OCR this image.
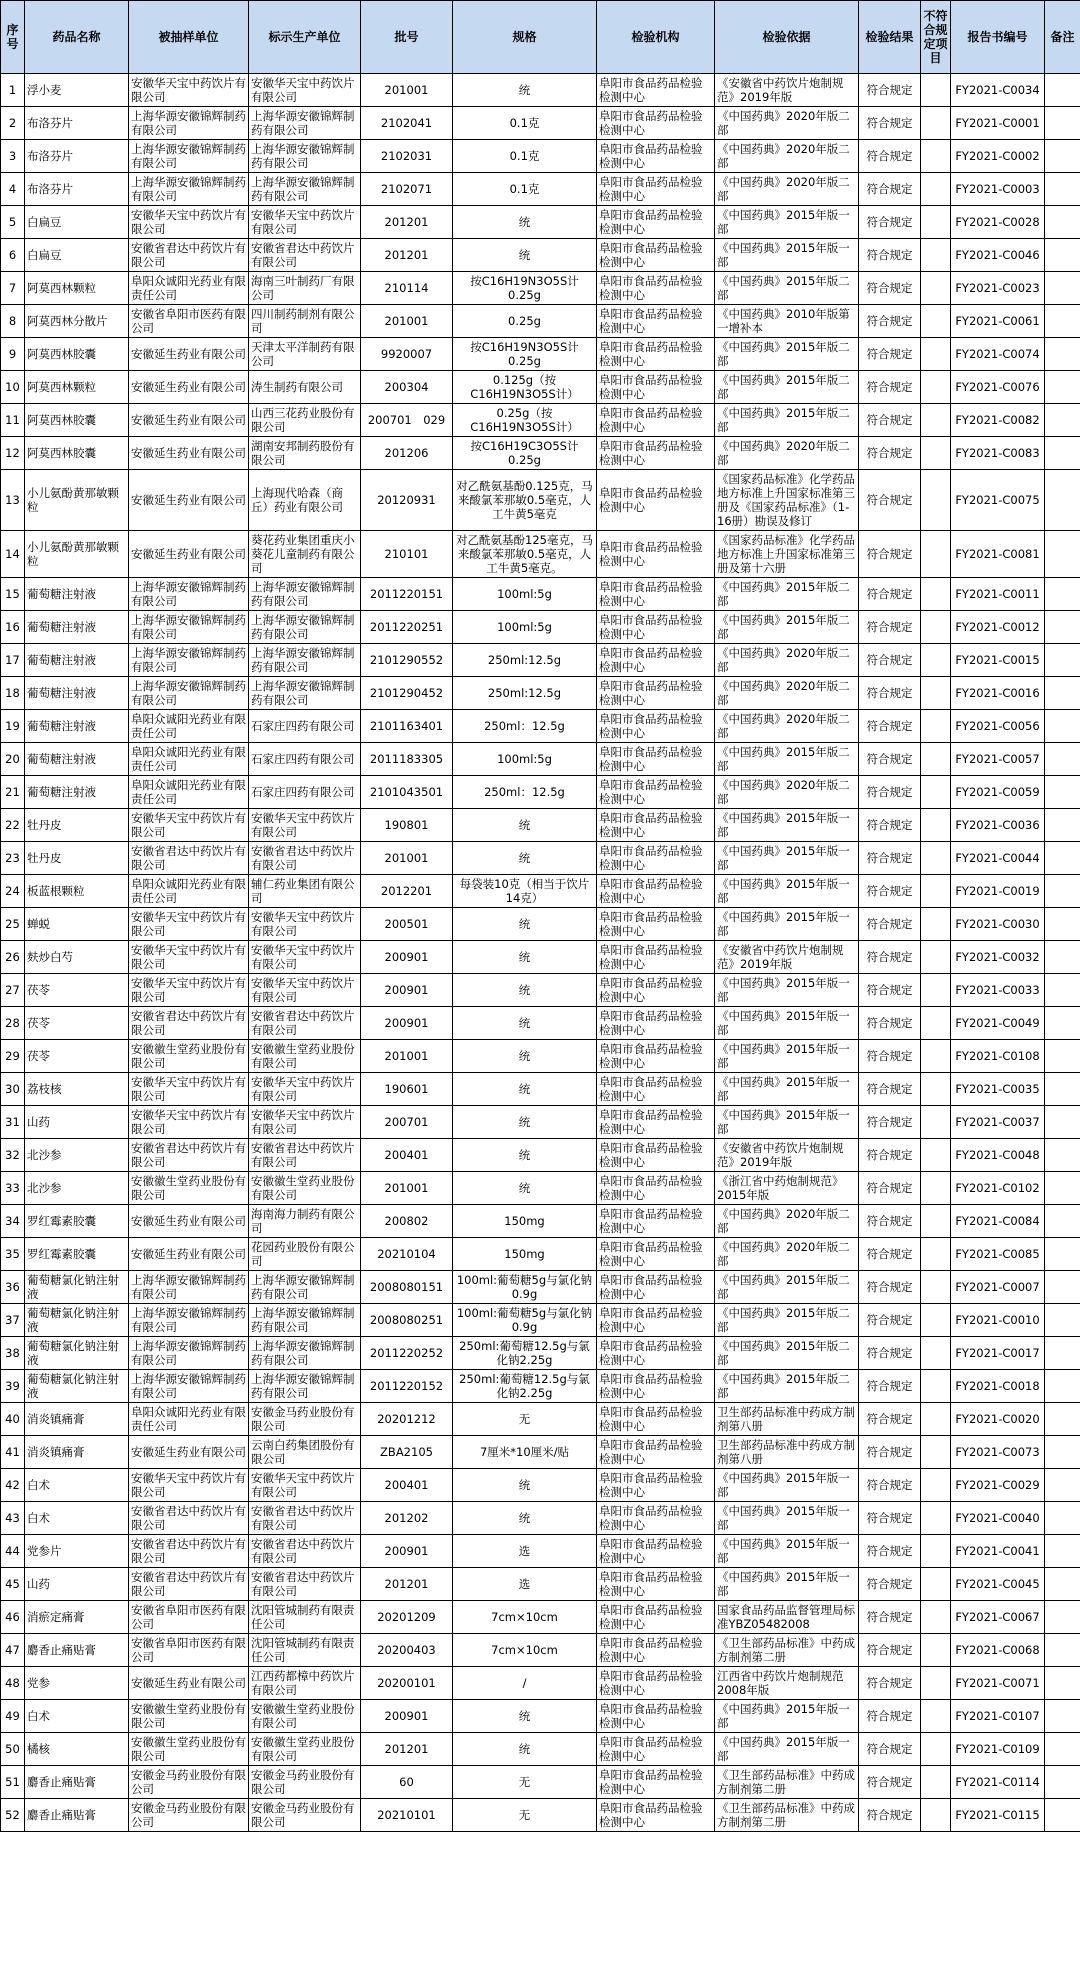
序号	药品名称	被抽样单位	标示生产单位	批号	规格	检验机构	检验依据	检验结果	不符合规定项目	报告书编号	备注
1	浮小麦	安徽华天宝中药饮片有限公司	安徽华天宝中药饮片有限公司	201001	统	阜阳市食品药品检验检测中心	《安徽省中药饮片炮制规范》2019年版	符合规定		FY2021-C0034	
2	布洛芬片	上海华源安徽锦辉制药有限公司	上海华源安徽锦辉制药有限公司	2102041	0.1克	阜阳市食品药品检验检测中心	《中国药典》2020年版二部	符合规定		FY2021-C0001	
3	布洛芬片	上海华源安徽锦辉制药有限公司	上海华源安徽锦辉制药有限公司	2102031	0.1克	阜阳市食品药品检验检测中心	《中国药典》2020年版二部	符合规定		FY2021-C0002	
4	布洛芬片	上海华源安徽锦辉制药有限公司	上海华源安徽锦辉制药有限公司	2102071	0.1克	阜阳市食品药品检验检测中心	《中国药典》2020年版二部	符合规定		FY2021-C0003	
5	白扁豆	安徽华天宝中药饮片有限公司	安徽华天宝中药饮片有限公司	201201	统	阜阳市食品药品检验检测中心	《中国药典》2015年版一部	符合规定		FY2021-C0028	
6	白扁豆	安徽省君达中药饮片有限公司	安徽省君达中药饮片有限公司	201201	统	阜阳市食品药品检验检测中心	《中国药典》2015年版一部	符合规定		FY2021-C0046	
7	阿莫西林颗粒	阜阳众诚阳光药业有限责任公司	海南三叶制药厂有限公司	210114	按C16H19N3O5S计0.25g	阜阳市食品药品检验检测中心	《中国药典》2015年版二部	符合规定		FY2021-C0023	
8	阿莫西林分散片	安徽省阜阳市医药有限公司	四川制药制剂有限公司	201001	0.25g	阜阳市食品药品检验检测中心	《中国药典》2010年版第一增补本	符合规定		FY2021-C0061	
9	阿莫西林胶囊	安徽延生药业有限公司	天津太平洋制药有限公司	9920007	按C16H19N3O5S计0.25g	阜阳市食品药品检验检测中心	《中国药典》2015年版二部	符合规定		FY2021-C0074	
10	阿莫西林颗粒	安徽延生药业有限公司	涛生制药有限公司	200304	0.125g（按C16H19N3O5S计）	阜阳市食品药品检验检测中心	《中国药典》2015年版二部	符合规定		FY2021-C0076	
11	阿莫西林胶囊	安徽延生药业有限公司	山西三花药业股份有限公司	200701　029	0.25g（按C16H19N3O5S计）	阜阳市食品药品检验检测中心	《中国药典》2015年版二部	符合规定		FY2021-C0082	
12	阿莫西林胶囊	安徽延生药业有限公司	湖南安邦制药股份有限公司	201206	按C16H19C3O5S计0.25g	阜阳市食品药品检验检测中心	《中国药典》2020年版二部	符合规定		FY2021-C0083	
13	小儿氨酚黄那敏颗粒	安徽延生药业有限公司	上海现代哈森（商丘）药业有限公司	20120931	对乙酰氨基酚0.125克，马来酸氯苯那敏0.5毫克，人工牛黄5毫克	阜阳市食品药品检验检测中心	《国家药品标准》化学药品地方标准上升国家标准第三册及《国家药品标准》（1-16册）勘误及修订	符合规定		FY2021-C0075	
14	小儿氨酚黄那敏颗粒	安徽延生药业有限公司	葵花药业集团重庆小葵花儿童制药有限公司	210101	对乙酰氨基酚125毫克，马来酸氯苯那敏0.5毫克，人工牛黄5毫克。	阜阳市食品药品检验检测中心	《国家药品标准》化学药品地方标准上升国家标准第三册及第十六册	符合规定		FY2021-C0081	
15	葡萄糖注射液	上海华源安徽锦辉制药有限公司	上海华源安徽锦辉制药有限公司	2011220151	100ml:5g	阜阳市食品药品检验检测中心	《中国药典》2015年版二部	符合规定		FY2021-C0011	
16	葡萄糖注射液	上海华源安徽锦辉制药有限公司	上海华源安徽锦辉制药有限公司	2011220251	100ml:5g	阜阳市食品药品检验检测中心	《中国药典》2015年版二部	符合规定		FY2021-C0012	
17	葡萄糖注射液	上海华源安徽锦辉制药有限公司	上海华源安徽锦辉制药有限公司	2101290552	250ml:12.5g	阜阳市食品药品检验检测中心	《中国药典》2020年版二部	符合规定		FY2021-C0015	
18	葡萄糖注射液	上海华源安徽锦辉制药有限公司	上海华源安徽锦辉制药有限公司	2101290452	250ml:12.5g	阜阳市食品药品检验检测中心	《中国药典》2020年版二部	符合规定		FY2021-C0016	
19	葡萄糖注射液	阜阳众诚阳光药业有限责任公司	石家庄四药有限公司	2101163401	250ml：12.5g	阜阳市食品药品检验检测中心	《中国药典》2020年版二部	符合规定		FY2021-C0056	
20	葡萄糖注射液	阜阳众诚阳光药业有限责任公司	石家庄四药有限公司	2011183305	100ml:5g	阜阳市食品药品检验检测中心	《中国药典》2015年版二部	符合规定		FY2021-C0057	
21	葡萄糖注射液	阜阳众诚阳光药业有限责任公司	石家庄四药有限公司	2101043501	250ml：12.5g	阜阳市食品药品检验检测中心	《中国药典》2020年版二部	符合规定		FY2021-C0059	
22	牡丹皮	安徽华天宝中药饮片有限公司	安徽华天宝中药饮片有限公司	190801	统	阜阳市食品药品检验检测中心	《中国药典》2015年版一部	符合规定		FY2021-C0036	
23	牡丹皮	安徽省君达中药饮片有限公司	安徽省君达中药饮片有限公司	201001	统	阜阳市食品药品检验检测中心	《中国药典》2015年版一部	符合规定		FY2021-C0044	
24	板蓝根颗粒	阜阳众诚阳光药业有限责任公司	辅仁药业集团有限公司	2012201	每袋装10克（相当于饮片14克）	阜阳市食品药品检验检测中心	《中国药典》2015年版一部	符合规定		FY2021-C0019	
25	蝉蜕	安徽华天宝中药饮片有限公司	安徽华天宝中药饮片有限公司	200501	统	阜阳市食品药品检验检测中心	《中国药典》2015年版一部	符合规定		FY2021-C0030	
26	麸炒白芍	安徽华天宝中药饮片有限公司	安徽华天宝中药饮片有限公司	200901	统	阜阳市食品药品检验检测中心	《安徽省中药饮片炮制规范》2019年版	符合规定		FY2021-C0032	
27	茯苓	安徽华天宝中药饮片有限公司	安徽华天宝中药饮片有限公司	200901	统	阜阳市食品药品检验检测中心	《中国药典》2015年版一部	符合规定		FY2021-C0033	
28	茯苓	安徽省君达中药饮片有限公司	安徽省君达中药饮片有限公司	200901	统	阜阳市食品药品检验检测中心	《中国药典》2015年版一部	符合规定		FY2021-C0049	
29	茯苓	安徽徽生堂药业股份有限公司	安徽徽生堂药业股份有限公司	201001	统	阜阳市食品药品检验检测中心	《中国药典》2015年版一部	符合规定		FY2021-C0108	
30	荔枝核	安徽华天宝中药饮片有限公司	安徽华天宝中药饮片有限公司	190601	统	阜阳市食品药品检验检测中心	《中国药典》2015年版一部	符合规定		FY2021-C0035	
31	山药	安徽华天宝中药饮片有限公司	安徽华天宝中药饮片有限公司	200701	统	阜阳市食品药品检验检测中心	《中国药典》2015年版一部	符合规定		FY2021-C0037	
32	北沙参	安徽省君达中药饮片有限公司	安徽省君达中药饮片有限公司	200401	统	阜阳市食品药品检验检测中心	《安徽省中药饮片炮制规范》2019年版	符合规定		FY2021-C0048	
33	北沙参	安徽徽生堂药业股份有限公司	安徽徽生堂药业股份有限公司	201001	统	阜阳市食品药品检验检测中心	《浙江省中药炮制规范》2015年版	符合规定		FY2021-C0102	
34	罗红霉素胶囊	安徽延生药业有限公司	海南海力制药有限公司	200802	150mg	阜阳市食品药品检验检测中心	《中国药典》2020年版二部	符合规定		FY2021-C0084	
35	罗红霉素胶囊	安徽延生药业有限公司	花园药业股份有限公司	20210104	150mg	阜阳市食品药品检验检测中心	《中国药典》2020年版二部	符合规定		FY2021-C0085	
36	葡萄糖氯化钠注射液	上海华源安徽锦辉制药有限公司	上海华源安徽锦辉制药有限公司	2008080151	100ml:葡萄糖5g与氯化钠0.9g	阜阳市食品药品检验检测中心	《中国药典》2015年版二部	符合规定		FY2021-C0007	
37	葡萄糖氯化钠注射液	上海华源安徽锦辉制药有限公司	上海华源安徽锦辉制药有限公司	2008080251	100ml:葡萄糖5g与氯化钠0.9g	阜阳市食品药品检验检测中心	《中国药典》2015年版二部	符合规定		FY2021-C0010	
38	葡萄糖氯化钠注射液	上海华源安徽锦辉制药有限公司	上海华源安徽锦辉制药有限公司	2011220252	250ml:葡萄糖12.5g与氯化钠2.25g	阜阳市食品药品检验检测中心	《中国药典》2015年版二部	符合规定		FY2021-C0017	
39	葡萄糖氯化钠注射液	上海华源安徽锦辉制药有限公司	上海华源安徽锦辉制药有限公司	2011220152	250ml:葡萄糖12.5g与氯化钠2.25g	阜阳市食品药品检验检测中心	《中国药典》2015年版二部	符合规定		FY2021-C0018	
40	消炎镇痛膏	阜阳众诚阳光药业有限责任公司	安徽金马药业股份有限公司	20201212	无	阜阳市食品药品检验检测中心	卫生部药品标准中药成方制剂第八册	符合规定		FY2021-C0020	
41	消炎镇痛膏	安徽延生药业有限公司	云南白药集团股份有限公司	ZBA2105	7厘米*10厘米/贴	阜阳市食品药品检验检测中心	卫生部药品标准中药成方制剂第八册	符合规定		FY2021-C0073	
42	白术	安徽华天宝中药饮片有限公司	安徽华天宝中药饮片有限公司	200401	统	阜阳市食品药品检验检测中心	《中国药典》2015年版一部	符合规定		FY2021-C0029	
43	白术	安徽省君达中药饮片有限公司	安徽省君达中药饮片有限公司	201202	统	阜阳市食品药品检验检测中心	《中国药典》2015年版一部	符合规定		FY2021-C0040	
44	党参片	安徽省君达中药饮片有限公司	安徽省君达中药饮片有限公司	200901	选	阜阳市食品药品检验检测中心	《中国药典》2015年版一部	符合规定		FY2021-C0041	
45	山药	安徽省君达中药饮片有限公司	安徽省君达中药饮片有限公司	201201	选	阜阳市食品药品检验检测中心	《中国药典》2015年版一部	符合规定		FY2021-C0045	
46	消瘀定痛膏	安徽省阜阳市医药有限公司	沈阳管城制药有限责任公司	20201209	7cm×10cm	阜阳市食品药品检验检测中心	国家食品药品监督管理局标准YBZ05482008	符合规定		FY2021-C0067	
47	麝香止痛贴膏	安徽省阜阳市医药有限公司	沈阳管城制药有限责任公司	20200403	7cm×10cm	阜阳市食品药品检验检测中心	《卫生部药品标准》中药成方制剂第二册	符合规定		FY2021-C0068	
48	党参	安徽延生药业有限公司	江西药都樟中药饮片有限公司	20200101	/	阜阳市食品药品检验检测中心	江西省中药饮片炮制规范2008年版	符合规定		FY2021-C0071	
49	白术	安徽徽生堂药业股份有限公司	安徽徽生堂药业股份有限公司	200901	统	阜阳市食品药品检验检测中心	《中国药典》2015年版一部	符合规定		FY2021-C0107	
50	橘核	安徽徽生堂药业股份有限公司	安徽徽生堂药业股份有限公司	201201	统	阜阳市食品药品检验检测中心	《中国药典》2015年版一部	符合规定		FY2021-C0109	
51	麝香止痛贴膏	安徽金马药业股份有限公司	安徽金马药业股份有限公司	60	无	阜阳市食品药品检验检测中心	《卫生部药品标准》中药成方制剂第二册	符合规定		FY2021-C0114	
52	麝香止痛贴膏	安徽金马药业股份有限公司	安徽金马药业股份有限公司	20210101	无	阜阳市食品药品检验检测中心	《卫生部药品标准》中药成方制剂第二册	符合规定		FY2021-C0115	
